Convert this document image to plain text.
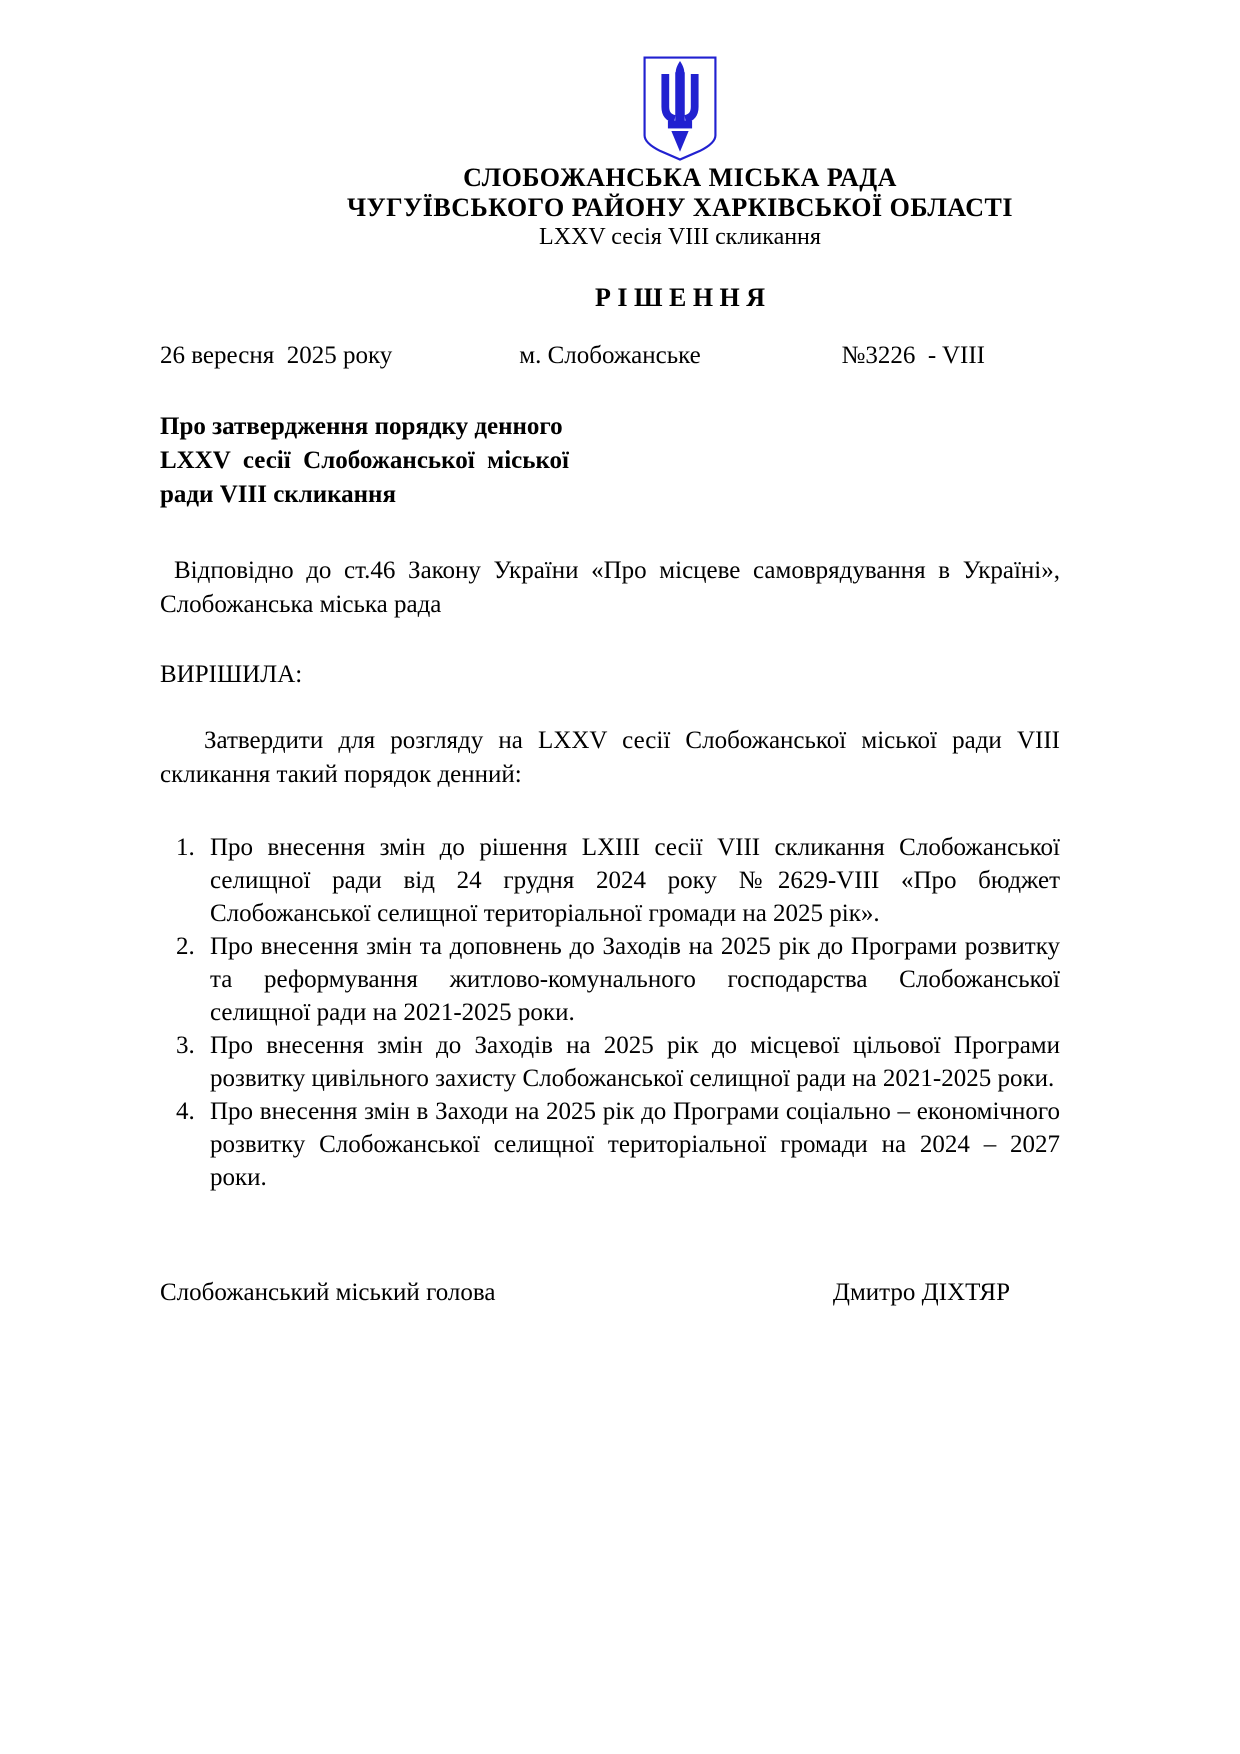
СЛОБОЖАНСЬКА МІСЬКА РАДА
ЧУГУЇВСЬКОГО РАЙОНУ ХАРКІВСЬКОЇ ОБЛАСТІ
LXXV сесія VIII скликання
Р І Ш Е Н Н Я
26 вересня  2025 року	м. Слобожанське	№3226  - VIII
Про затвердження порядку денного
LXXV  сесії  Слобожанської  міської
ради VIII скликання
Відповідно до ст.46 Закону України «Про місцеве самоврядування в Україні», Слобожанська міська рада
ВИРІШИЛА:
Затвердити для розгляду на LXXV сесії Слобожанської міської ради VIII скликання такий порядок денний:
1. Про внесення змін до рішення LXIII сесії VIII скликання Слобожанської селищної ради від 24 грудня 2024 року №2629-VIII «Про бюджет Слобожанської селищної територіальної громади на 2025 рік».
2. Про внесення змін та доповнень до Заходів на 2025 рік до Програми розвитку та реформування житлово-комунального господарства Слобожанської селищної ради на 2021-2025 роки.
3. Про внесення змін до Заходів на 2025 рік до місцевої цільової Програми розвитку цивільного захисту Слобожанської селищної ради на 2021-2025 роки.
4. Про внесення змін в Заходи на 2025 рік до Програми соціально – економічного розвитку Слобожанської селищної територіальної громади на 2024 – 2027 роки.
Слобожанський міський голова	Дмитро ДІХТЯР
